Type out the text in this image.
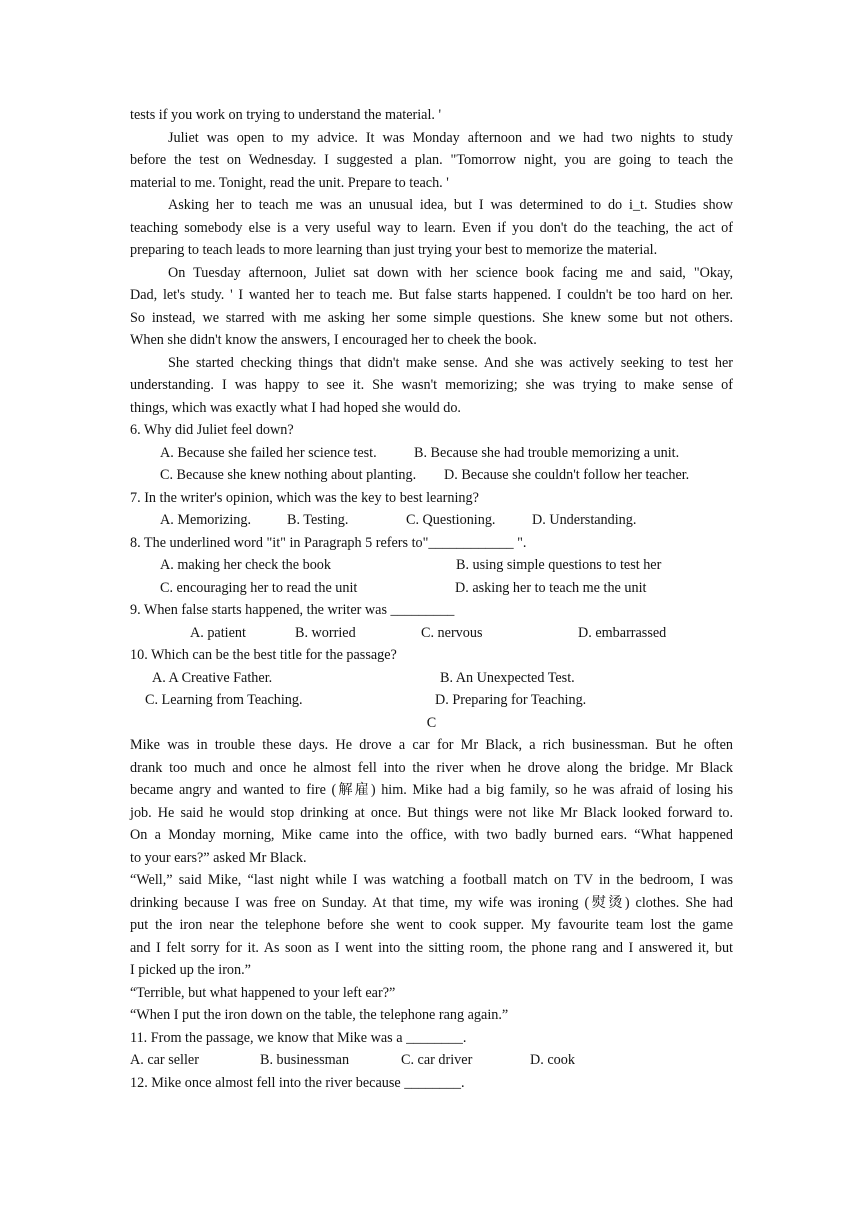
tests if you work on trying to understand the material. '
Juliet was open to my advice. It was Monday afternoon and we had two nights to study
before the test on Wednesday. I suggested a plan. "Tomorrow night, you are going to teach the
material to me. Tonight, read the unit. Prepare to teach. '
Asking her to teach me was an unusual idea, but I was determined to do i_t. Studies show
teaching somebody else is a very useful way to learn. Even if you don't do the teaching, the act of
preparing to teach leads to more learning than just trying your best to memorize the material.
On Tuesday afternoon, Juliet sat down with her science book facing me and said, "Okay,
Dad, let's study. ' I wanted her to teach me. But false starts happened. I couldn't be too hard on her.
So instead, we starred with me asking her some simple questions. She knew some but not others.
When she didn't know the answers, I encouraged her to cheek the book.
She started checking things that didn't make sense. And she was actively seeking to test her
understanding. I was happy to see it. She wasn't memorizing; she was trying to make sense of
things, which was exactly what I had hoped she would do.
6. Why did Juliet feel down?
A. Because she failed her science test.	B. Because she had trouble memorizing a unit.
C. Because she knew nothing about planting. D. Because she couldn't follow her teacher.
7. In the writer's opinion, which was the key to best learning?
A. Memorizing.	B. Testing.	C. Questioning.	D. Understanding.
8. The underlined word "it" in Paragraph 5 refers to"____________ ".
A. making her check the book	B. using simple questions to test her
C. encouraging her to read the unit	D. asking her to teach me the unit
9. When false starts happened, the writer was _________
A. patient	B. worried	C. nervous	D. embarrassed
10. Which can be the best title for the passage?
A. A Creative Father.	B. An Unexpected Test.
C. Learning from Teaching.	D. Preparing for Teaching.
C
Mike was in trouble these days. He drove a car for Mr Black, a rich businessman. But he often
drank too much and once he almost fell into the river when he drove along the bridge. Mr Black
became angry and wanted to fire (解雇) him. Mike had a big family, so he was afraid of losing his
job. He said he would stop drinking at once. But things were not like Mr Black looked forward to.
On a Monday morning, Mike came into the office, with two badly burned ears. “What happened
to your ears?” asked Mr Black.
“Well,” said Mike, “last night while I was watching a football match on TV in the bedroom, I was
drinking because I was free on Sunday. At that time, my wife was ironing (熨烫) clothes. She had
put the iron near the telephone before she went to cook supper. My favourite team lost the game
and I felt sorry for it. As soon as I went into the sitting room, the phone rang and I answered it, but
I picked up the iron.”
“Terrible, but what happened to your left ear?”
“When I put the iron down on the table, the telephone rang again.”
11. From the passage, we know that Mike was a ________.
A. car seller	B. businessman	C. car driver	D. cook
12. Mike once almost fell into the river because ________.
